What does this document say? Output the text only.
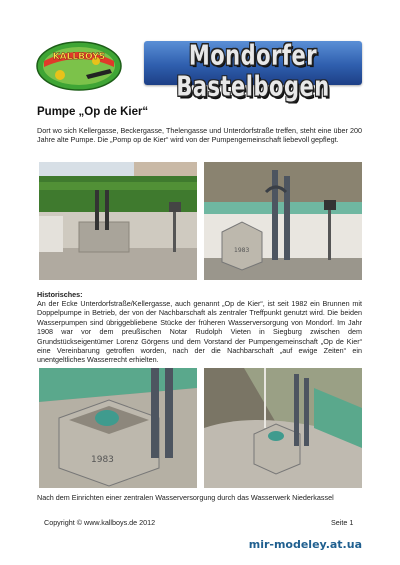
KALLBOYS	Mondorfer Bastelbogen
Pumpe „Op de Kier“

Dort wo sich Kellergasse, Beckergasse, Thelengasse und Unterdorfstraße treffen, steht eine über 200 Jahre alte Pumpe. Die „Pomp op de Kier“ wird von der Pumpengemeinschaft liebevoll gepflegt.

1983
Historisches:

An der Ecke Unterdorfstraße/Kellergasse, auch genannt „Op de Kier“, ist seit 1982 ein Brunnen mit Doppelpumpe in Betrieb, der von der Nachbarschaft als zentraler Treffpunkt genutzt wird. Die beiden Wasserpumpen sind übriggebliebene Stücke der früheren Wasserversorgung von Mondorf. Im Jahr 1908 war vor dem preußischen Notar Rudolph Vieten in Siegburg zwischen dem Grundstückseigentümer Lorenz Görgens und dem Vorstand der Pumpengemeinschaft „Op de Kier“ eine Vereinbarung getroffen worden, nach der die Nachbarschaft „auf ewige Zeiten“ ein unentgeltliches Wasserrecht erhielten.

1983

Nach dem Einrichten einer zentralen Wasserversorgung durch das Wasserwerk Niederkassel

Copyright © www.kallboys.de 2012	Seite 1

mir-modeley.at.ua
